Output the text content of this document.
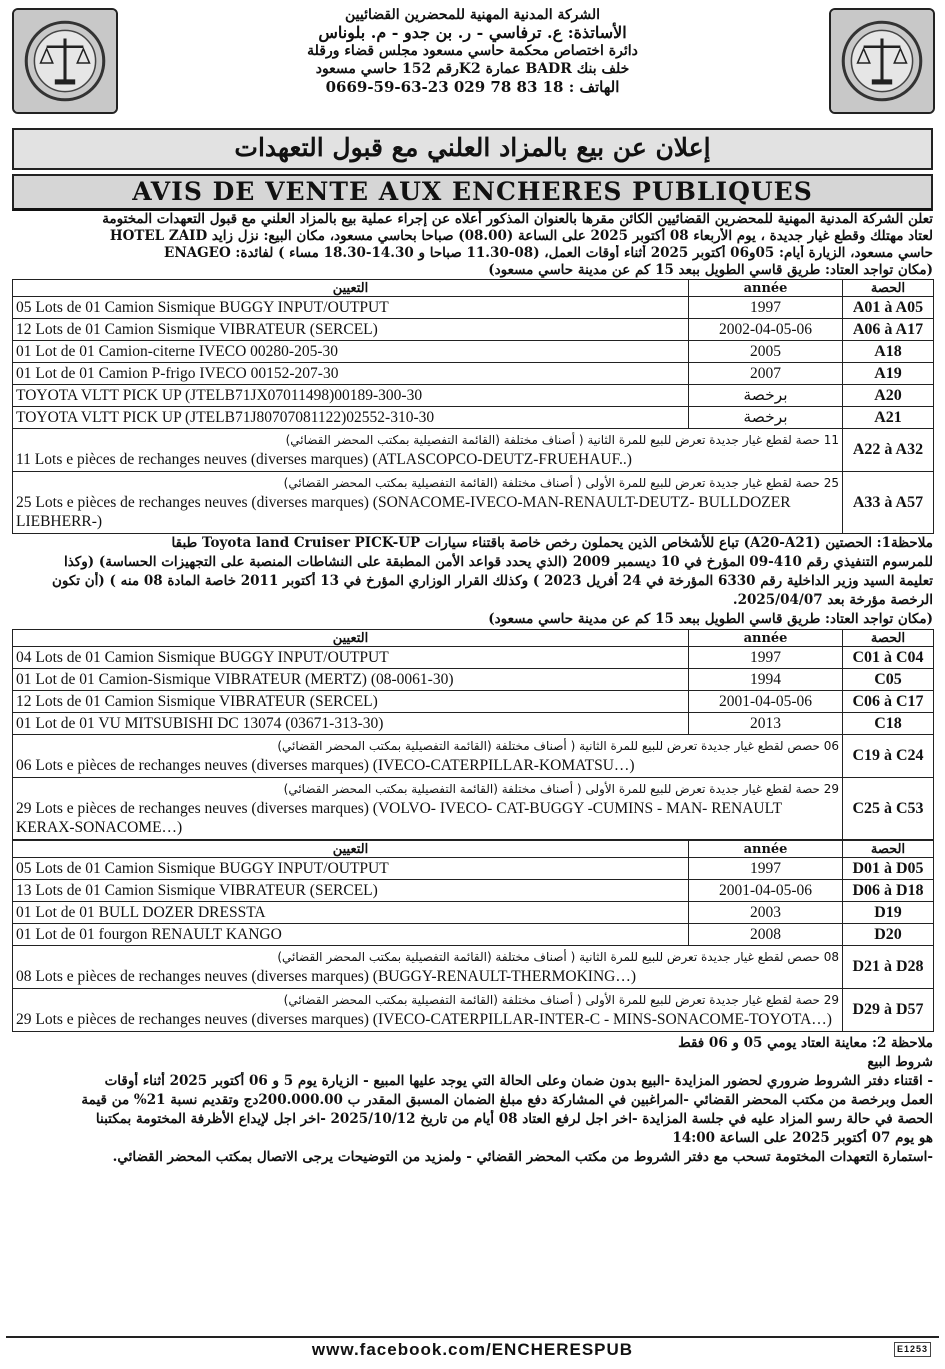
الشركة المدنية المهنية للمحضرين القضائيين
الأساتذة: ع. ترفاسي - ر. بن جدو - م. بلوناس
دائرة اختصاص محكمة حاسي مسعود مجلس قضاء ورقلة
خلف بنك BADR عمارة K2رقم 152 حاسي مسعود
0669-59-63-23 الهاتف : 18 83 78 029
إعلان عن بيع بالمزاد العلني مع قبول التعهدات
AVIS DE VENTE AUX ENCHERES PUBLIQUES
تعلن الشركة المدنية المهنية للمحضرين القضائيين الكائن مقرها بالعنوان المذكور أعلاه عن إجراء عملية بيع بالمزاد العلني مع قبول التعهدات المختومة
لعتاد مهتلك وقطع غيار جديدة ، يوم الأربعاء 08 أكتوبر 2025 على الساعة (08.00) صباحا بحاسي مسعود، مكان البيع: نزل زايد HOTEL ZAID
حاسي مسعود، الزيارة أيام: 05و06 أكتوبر 2025 أثناء أوقات العمل، (08-11.30 صباحا و 14.30-18.30 مساء ) لفائدة: ENAGEO
(مكان تواجد العتاد: طريق قاسي الطويل ببعد 15 كم عن مدينة حاسي مسعود)
التعيين	année	الحصة
05 Lots de 01 Camion Sismique BUGGY INPUT/OUTPUT	1997	A01 à A05
12 Lots de 01 Camion Sismique VIBRATEUR (SERCEL)	2002-04-05-06	A06 à A17
01 Lot de 01 Camion-citerne IVECO 00280-205-30	2005	A18
01 Lot de 01 Camion P-frigo IVECO 00152-207-30	2007	A19
TOYOTA VLTT PICK UP (JTELB71JX07011498)00189-300-30	برخصة	A20
TOYOTA VLTT PICK UP (JTELB71J80707081122)02552-310-30	برخصة	A21

11 حصة لقطع غيار جديدة تعرض للبيع للمرة الثانية ( أصناف مختلفة (القائمة التفصيلية بمكتب المحضر القضائي)
11 Lots e pièces de rechanges neuves (diverses marques) (ATLASCOPCO-DEUTZ-FRUEHAUF..)		A22 à A32

25 حصة لقطع غيار جديدة تعرض للبيع للمرة الأولى ( أصناف مختلفة (القائمة التفصيلية بمكتب المحضر القضائي)
25 Lots e pièces de rechanges neuves (diverses marques) (SONACOME-IVECO-MAN-RENAULT-DEUTZ- BULLDOZER LIEBHERR-)		A33 à A57
ملاحظة1: الحصتين (A20-A21) تباع للأشخاص الذين يحملون رخص خاصة باقتناء سيارات Toyota land Cruiser PICK-UP طبقا
للمرسوم التنفيذي رقم 410-09 المؤرخ في 10 ديسمبر 2009 (الذي يحدد قواعد الأمن المطبقة على النشاطات المنصبة على التجهيزات الحساسة) (وكذا
تعليمة السيد وزير الداخلية رقم 6330 المؤرخة في 24 أفريل 2023 ) وكذلك القرار الوزاري المؤرخ في 13 أكتوبر 2011 خاصة المادة 08 منه ) (أن تكون
الرخصة مؤرخة بعد 2025/04/07.
(مكان تواجد العتاد: طريق قاسي الطويل ببعد 15 كم عن مدينة حاسي مسعود)
التعيين	année	الحصة
04 Lots de 01 Camion Sismique BUGGY INPUT/OUTPUT	1997	C01 à C04
01 Lot de 01 Camion-Sismique VIBRATEUR (MERTZ) (08-0061-30)	1994	C05
12 Lots de 01 Camion Sismique VIBRATEUR (SERCEL)	2001-04-05-06	C06 à C17
01 Lot de 01 VU MITSUBISHI DC 13074 (03671-313-30)	2013	C18

06 حصص لقطع غيار جديدة تعرض للبيع للمرة الثانية ( أصناف مختلفة (القائمة التفصيلية بمكتب المحضر القضائي)
06 Lots e pièces de rechanges neuves (diverses marques) (IVECO-CATERPILLAR-KOMATSU…)		C19 à C24

29 حصة لقطع غيار جديدة تعرض للبيع للمرة الأولى ( أصناف مختلفة (القائمة التفصيلية بمكتب المحضر القضائي)
29 Lots e pièces de rechanges neuves (diverses marques) (VOLVO- IVECO- CAT-BUGGY -CUMINS - MAN- RENAULT KERAX-SONACOME…)		C25 à C53
التعيين	année	الحصة
05 Lots de 01 Camion Sismique BUGGY INPUT/OUTPUT	1997	D01 à D05
13 Lots de 01 Camion Sismique VIBRATEUR (SERCEL)	2001-04-05-06	D06 à D18
01 Lot de 01 BULL DOZER DRESSTA	2003	D19
01 Lot de 01 fourgon RENAULT KANGO	2008	D20

08 حصص لقطع غيار جديدة تعرض للبيع للمرة الثانية ( أصناف مختلفة (القائمة التفصيلية بمكتب المحضر القضائي)
08 Lots e pièces de rechanges neuves (diverses marques) (BUGGY-RENAULT-THERMOKING…)		D21 à D28

29 حصة لقطع غيار جديدة تعرض للبيع للمرة الأولى ( أصناف مختلفة (القائمة التفصيلية بمكتب المحضر القضائي)
29 Lots e pièces de rechanges neuves (diverses marques) (IVECO-CATERPILLAR-INTER-C - MINS-SONACOME-TOYOTA…)		D29 à D57
ملاحظة 2: معاينة العتاد يومي 05 و 06 فقط
شروط البيع
- اقتناء دفتر الشروط ضروري لحضور المزايدة -البيع بدون ضمان وعلى الحالة التي يوجد عليها المبيع - الزيارة يوم 5 و 06 أكتوبر 2025 أثناء أوقات
العمل وبرخصة من مكتب المحضر القضائي -المراغبين في المشاركة دفع مبلغ الضمان المسبق المقدر ب 200.000.00دج وتقديم نسبة 21% من قيمة
الحصة في حالة رسو المزاد عليه في جلسة المزايدة -اخر اجل لرفع العتاد 08 أيام من تاريخ 2025/10/12 -اخر اجل لإيداع الأظرفة المختومة بمكتبنا
هو يوم 07 أكتوبر 2025 على الساعة 14:00
-استمارة التعهدات المختومة تسحب مع دفتر الشروط من مكتب المحضر القضائي - ولمزيد من التوضيحات يرجى الاتصال بمكتب المحضر القضائي.
www.facebook.com/ENCHERESPUB	E1253
